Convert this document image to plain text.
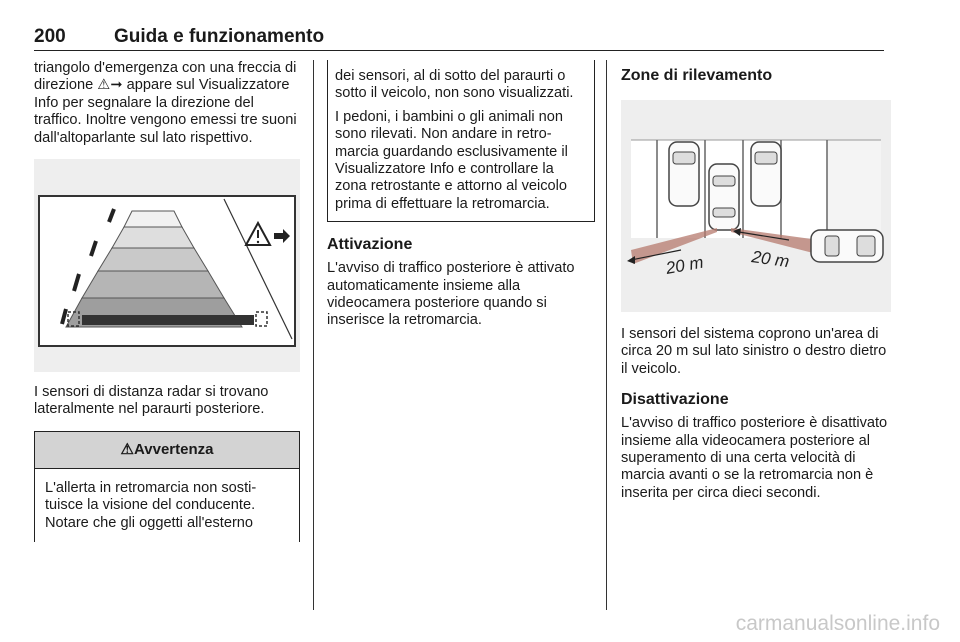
200	Guida e funzionamento

triangolo d'emergenza con una freccia di direzione ⚠➞ appare sul Visualizzatore Info per segnalare la direzione del traffico. Inoltre vengono emessi tre suoni dall'altoparlante sul lato rispettivo.

I sensori di distanza radar si trovano lateralmente nel paraurti posteriore.

⚠Avvertenza
L'allerta in retromarcia non sostituisce la visione del conducente. Notare che gli oggetti all'esterno

dei sensori, al di sotto del paraurti o sotto il veicolo, non sono visualizzati.

I pedoni, i bambini o gli animali non sono rilevati. Non andare in retromarcia guardando esclusivamente il Visualizzatore Info e controllare la zona retrostante e attorno al veicolo prima di effettuare la retromarcia.

Attivazione

L'avviso di traffico posteriore è attivato automaticamente insieme alla videocamera posteriore quando si inserisce la retromarcia.

Zone di rilevamento
20 m	20 m

I sensori del sistema coprono un'area di circa 20 m sul lato sinistro o destro dietro il veicolo.

Disattivazione

L'avviso di traffico posteriore è disattivato insieme alla videocamera posteriore al superamento di una certa velocità di marcia avanti o se la retromarcia non è inserita per circa dieci secondi.

carmanualsonline.info
